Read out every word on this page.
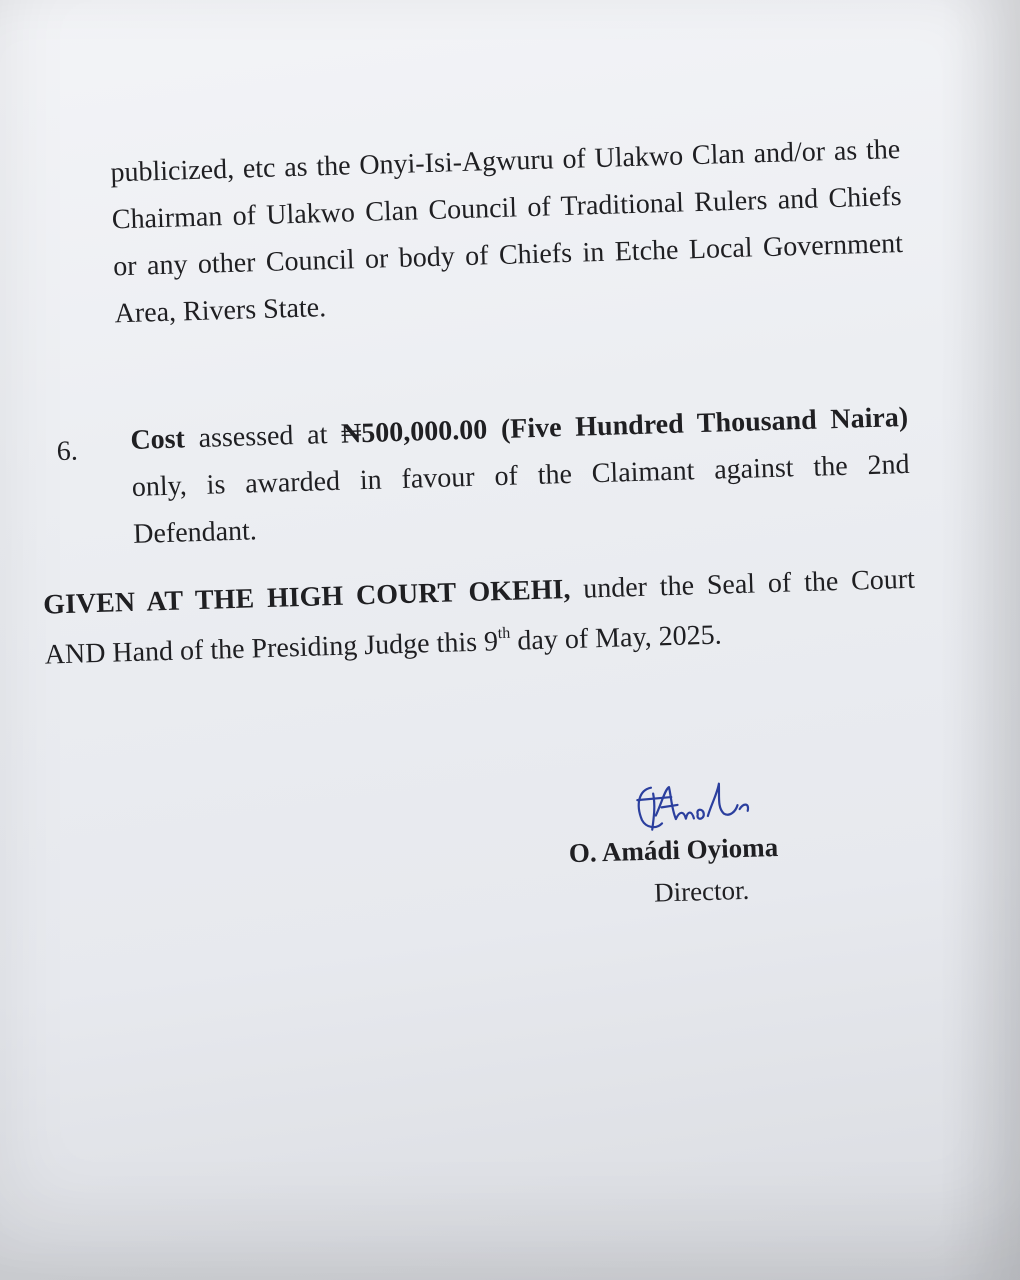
publicized, etc as the Onyi-Isi-Agwuru of Ulakwo Clan and/or as the Chairman of Ulakwo Clan Council of Traditional Rulers and Chiefs or any other Council or body of Chiefs in Etche Local Government Area, Rivers State.
6. Cost assessed at ₦500,000.00 (Five Hundred Thousand Naira) only, is awarded in favour of the Claimant against the 2nd Defendant.
GIVEN AT THE HIGH COURT OKEHI, under the Seal of the Court AND Hand of the Presiding Judge this 9th day of May, 2025.
O. Amádi Oyioma
Director.
